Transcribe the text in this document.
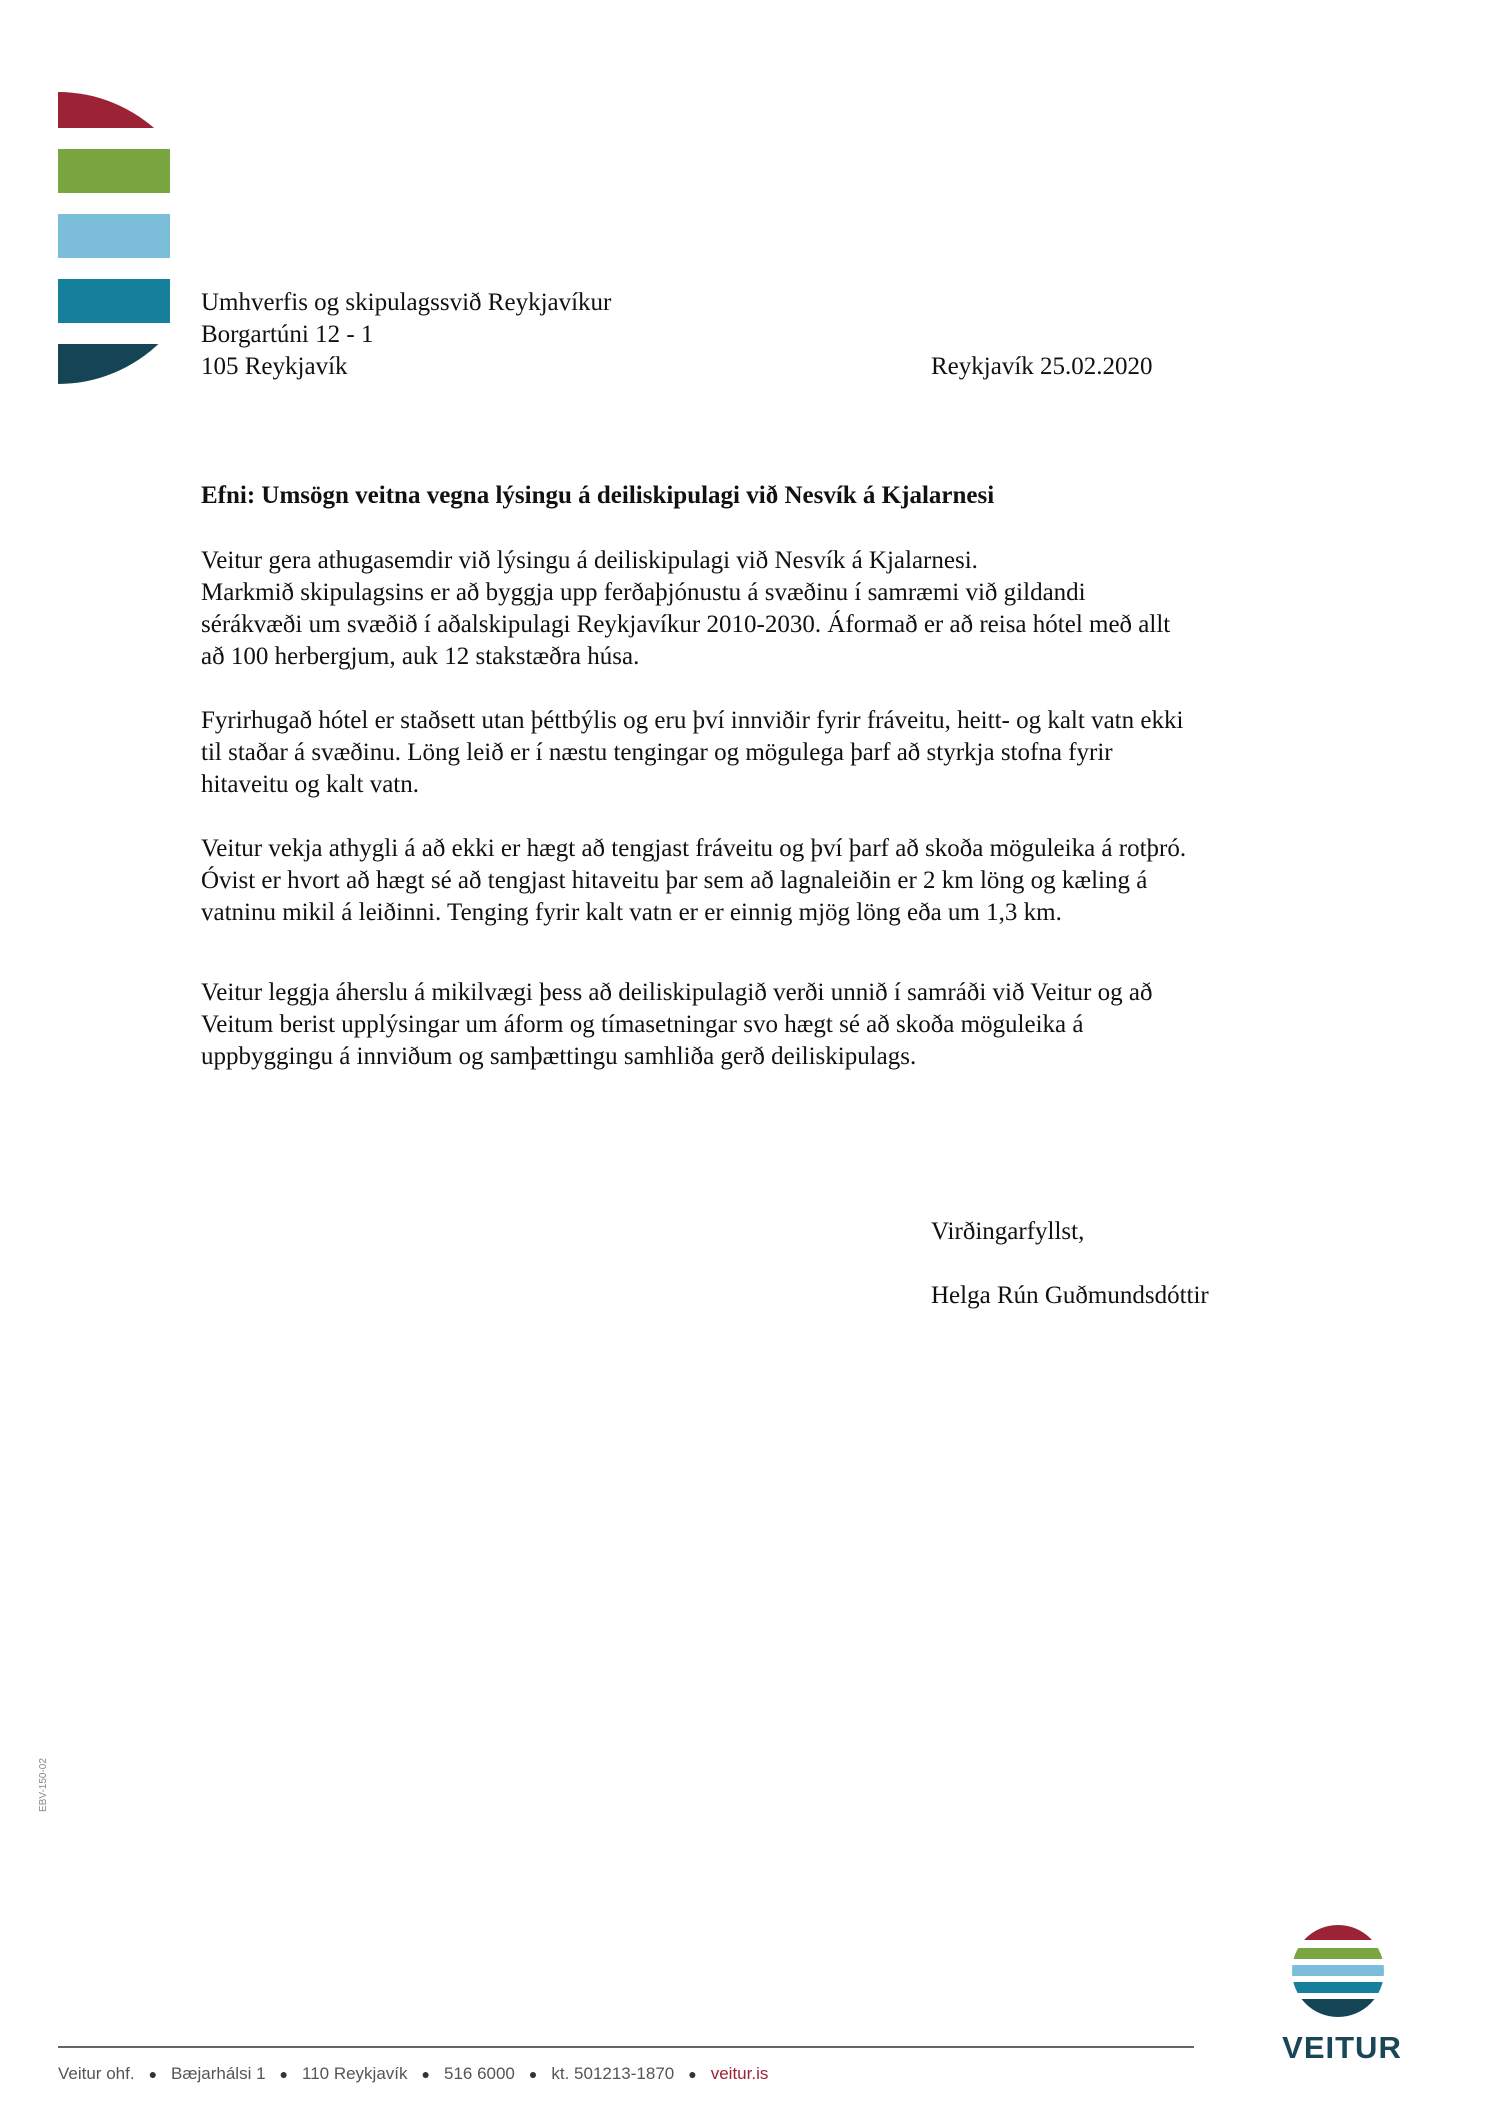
Umhverfis og skipulagssvið Reykjavíkur
Borgartúni 12 - 1
105 Reykjavík	Reykjavík 25.02.2020
Efni: Umsögn veitna vegna lýsingu á deiliskipulagi við Nesvík á Kjalarnesi
Veitur gera athugasemdir við lýsingu á deiliskipulagi við Nesvík á Kjalarnesi.
Markmið skipulagsins er að byggja upp ferðaþjónustu á svæðinu í samræmi við gildandi
sérákvæði um svæðið í aðalskipulagi Reykjavíkur 2010-2030. Áformað er að reisa hótel með allt
að 100 herbergjum, auk 12 stakstæðra húsa.
Fyrirhugað hótel er staðsett utan þéttbýlis og eru því innviðir fyrir fráveitu, heitt- og kalt vatn ekki
til staðar á svæðinu. Löng leið er í næstu tengingar og mögulega þarf að styrkja stofna fyrir
hitaveitu og kalt vatn.
Veitur vekja athygli á að ekki er hægt að tengjast fráveitu og því þarf að skoða möguleika á rotþró.
Óvist er hvort að hægt sé að tengjast hitaveitu þar sem að lagnaleiðin er 2 km löng og kæling á
vatninu mikil á leiðinni. Tenging fyrir kalt vatn er er einnig mjög löng eða um 1,3 km.
Veitur leggja áherslu á mikilvægi þess að deiliskipulagið verði unnið í samráði við Veitur og að
Veitum berist upplýsingar um áform og tímasetningar svo hægt sé að skoða möguleika á
uppbyggingu á innviðum og samþættingu samhliða gerð deiliskipulags.
Virðingarfyllst,
Helga Rún Guðmundsdóttir
EBV-150-02
VEITUR
Veitur ohf. ● Bæjarhálsi 1 ● 110 Reykjavík ● 516 6000 ● kt. 501213-1870 ● veitur.is
